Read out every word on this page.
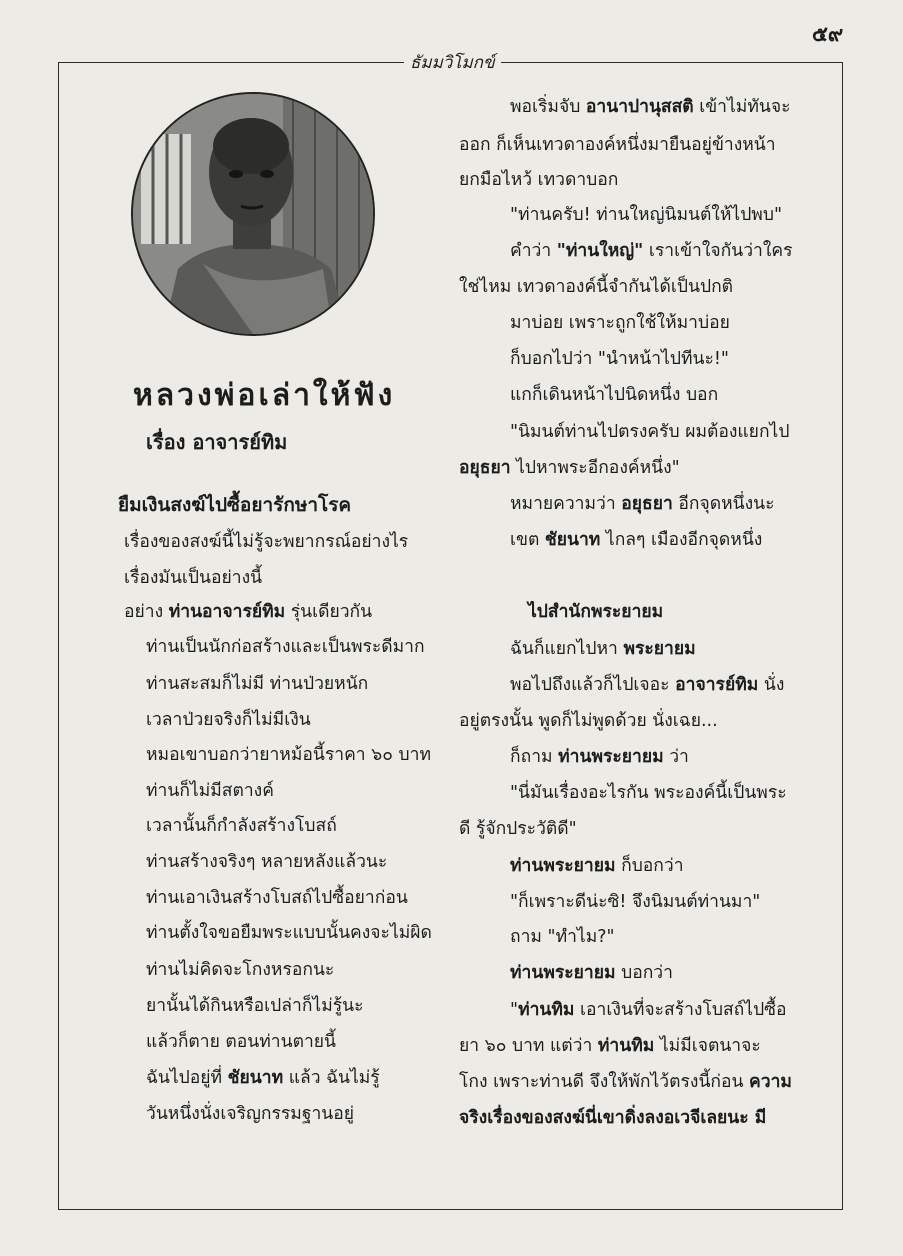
๕๙
ธัมมวิโมกข์
หลวงพ่อเล่าให้ฟัง
เรื่อง อาจารย์ทิม
ยืมเงินสงฆ์ไปซื้อยารักษาโรค
เรื่องของสงฆ์นี้ไม่รู้จะพยากรณ์อย่างไร
เรื่องมันเป็นอย่างนี้
อย่าง ท่านอาจารย์ทิม รุ่นเดียวกัน
ท่านเป็นนักก่อสร้างและเป็นพระดีมาก
ท่านสะสมก็ไม่มี ท่านป่วยหนัก
เวลาป่วยจริงก็ไม่มีเงิน
หมอเขาบอกว่ายาหม้อนี้ราคา ๖๐ บาท
ท่านก็ไม่มีสตางค์
เวลานั้นก็กำลังสร้างโบสถ์
ท่านสร้างจริงๆ หลายหลังแล้วนะ
ท่านเอาเงินสร้างโบสถ์ไปซื้อยาก่อน
ท่านตั้งใจขอยืมพระแบบนั้นคงจะไม่ผิด
ท่านไม่คิดจะโกงหรอกนะ
ยานั้นได้กินหรือเปล่าก็ไม่รู้นะ
แล้วก็ตาย ตอนท่านตายนี้
ฉันไปอยู่ที่ ชัยนาท แล้ว ฉันไม่รู้
วันหนึ่งนั่งเจริญกรรมฐานอยู่
พอเริ่มจับ อานาปานุสสติ เข้าไม่ทันจะ
ออก ก็เห็นเทวดาองค์หนึ่งมายืนอยู่ข้างหน้า
ยกมือไหว้ เทวดาบอก
"ท่านครับ! ท่านใหญ่นิมนต์ให้ไปพบ"
คำว่า "ท่านใหญ่" เราเข้าใจกันว่าใคร
ใช่ไหม เทวดาองค์นี้จำกันได้เป็นปกติ
มาบ่อย เพราะถูกใช้ให้มาบ่อย
ก็บอกไปว่า "นำหน้าไปทีนะ!"
แกก็เดินหน้าไปนิดหนึ่ง บอก
"นิมนต์ท่านไปตรงครับ ผมต้องแยกไป
อยุธยา ไปหาพระอีกองค์หนึ่ง"
หมายความว่า อยุธยา อีกจุดหนึ่งนะ
เขต ชัยนาท ไกลๆ เมืองอีกจุดหนึ่ง
ไปสำนักพระยายม
ฉันก็แยกไปหา พระยายม
พอไปถึงแล้วก็ไปเจอะ อาจารย์ทิม นั่ง
อยู่ตรงนั้น พูดก็ไม่พูดด้วย นั่งเฉย...
ก็ถาม ท่านพระยายม ว่า
"นี่มันเรื่องอะไรกัน พระองค์นี้เป็นพระ
ดี รู้จักประวัติดี"
ท่านพระยายม ก็บอกว่า
"ก็เพราะดีน่ะซิ! จึงนิมนต์ท่านมา"
ถาม "ทำไม?"
ท่านพระยายม บอกว่า
"ท่านทิม เอาเงินที่จะสร้างโบสถ์ไปซื้อ
ยา ๖๐ บาท แต่ว่า ท่านทิม ไม่มีเจตนาจะ
โกง เพราะท่านดี จึงให้พักไว้ตรงนี้ก่อน ความ
จริงเรื่องของสงฆ์นี่เขาดิ่งลงอเวจีเลยนะ มี
